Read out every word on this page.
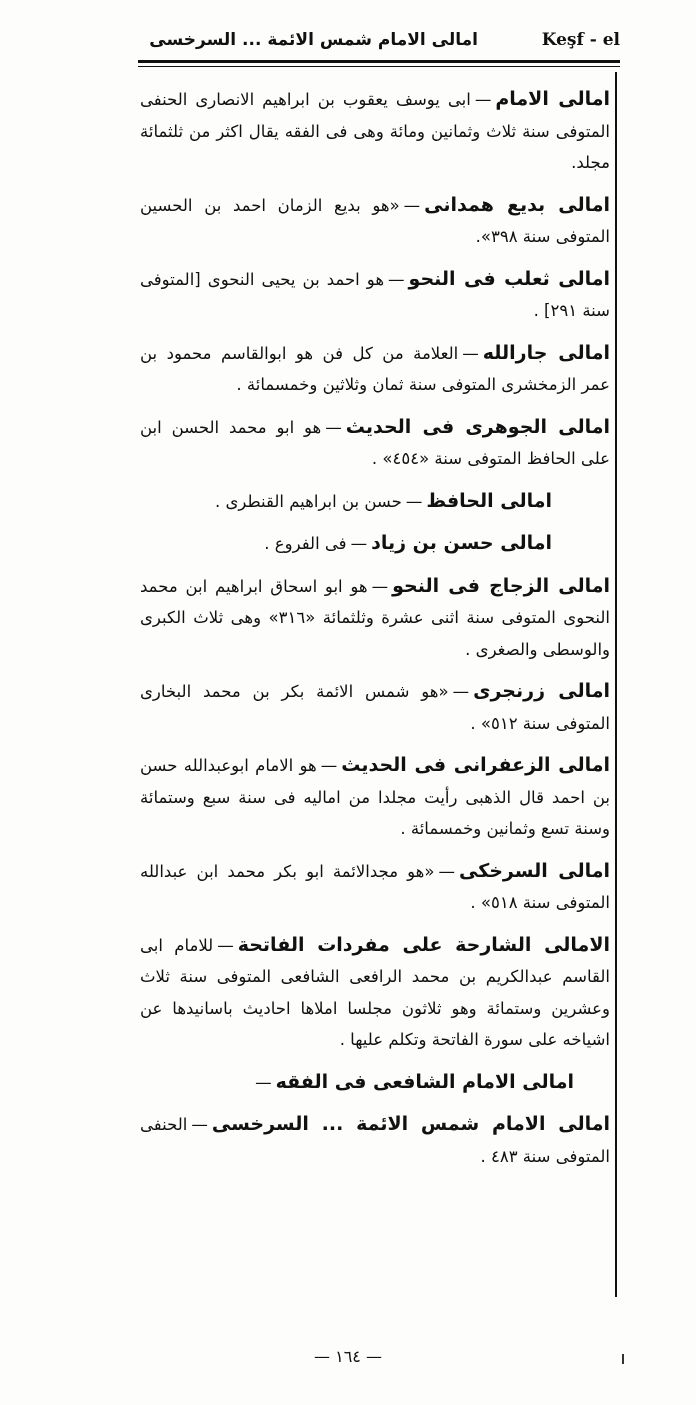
امالى الامام شمس الائمة ... السرخسى	Keşf - el

امالى الامام—ابى يوسف يعقوب بن ابراهيم الانصارى الحنفى المتوفى سنة ثلاث وثمانين ومائة وهى فى الفقه يقال اكثر من ثلثمائة مجلد.

امالى بديع همدانى—«هو بديع الزمان احمد بن الحسين المتوفى سنة ٣٩٨».

امالى ثعلب فى النحو—هو احمد بن يحيى النحوى [المتوفى سنة ٢٩١] .

امالى جارالله—العلامة من كل فن هو ابوالقاسم محمود بن عمر الزمخشرى المتوفى سنة ثمان وثلاثين وخمسمائة .

امالى الجوهرى فى الحديث—هو ابو محمد الحسن ابن على الحافظ المتوفى سنة «٤٥٤» .

امالى الحافظ—حسن بن ابراهيم القنطرى .

امالى حسن بن زياد—فى الفروع .

امالى الزجاج فى النحو—هو ابو اسحاق ابراهيم ابن محمد النحوى المتوفى سنة اثنى عشرة وثلثمائة «٣١٦» وهى ثلاث الكبرى والوسطى والصغرى .

امالى زرنجرى—«هو شمس الائمة بكر بن محمد البخارى المتوفى سنة ٥١٢» .

امالى الزعفرانى فى الحديث—هو الامام ابوعبدالله حسن بن احمد قال الذهبى رأيت مجلدا من اماليه فى سنة سبع وستمائة وسنة تسع وثمانين وخمسمائة .

امالى السرخكى—«هو مجدالائمة ابو بكر محمد ابن عبدالله المتوفى سنة ٥١٨» .

الامالى الشارحة على مفردات الفاتحة—للامام ابى القاسم عبدالكريم بن محمد الرافعى الشافعى المتوفى سنة ثلاث وعشرين وستمائة وهو ثلاثون مجلسا املاها احاديث باسانيدها عن اشياخه على سورة الفاتحة وتكلم عليها .

امالى الامام الشافعى فى الفقه—

امالى الامام شمس الائمة ... السرخسى—الحنفى المتوفى سنة ٤٨٣ .

— ١٦٤ —
